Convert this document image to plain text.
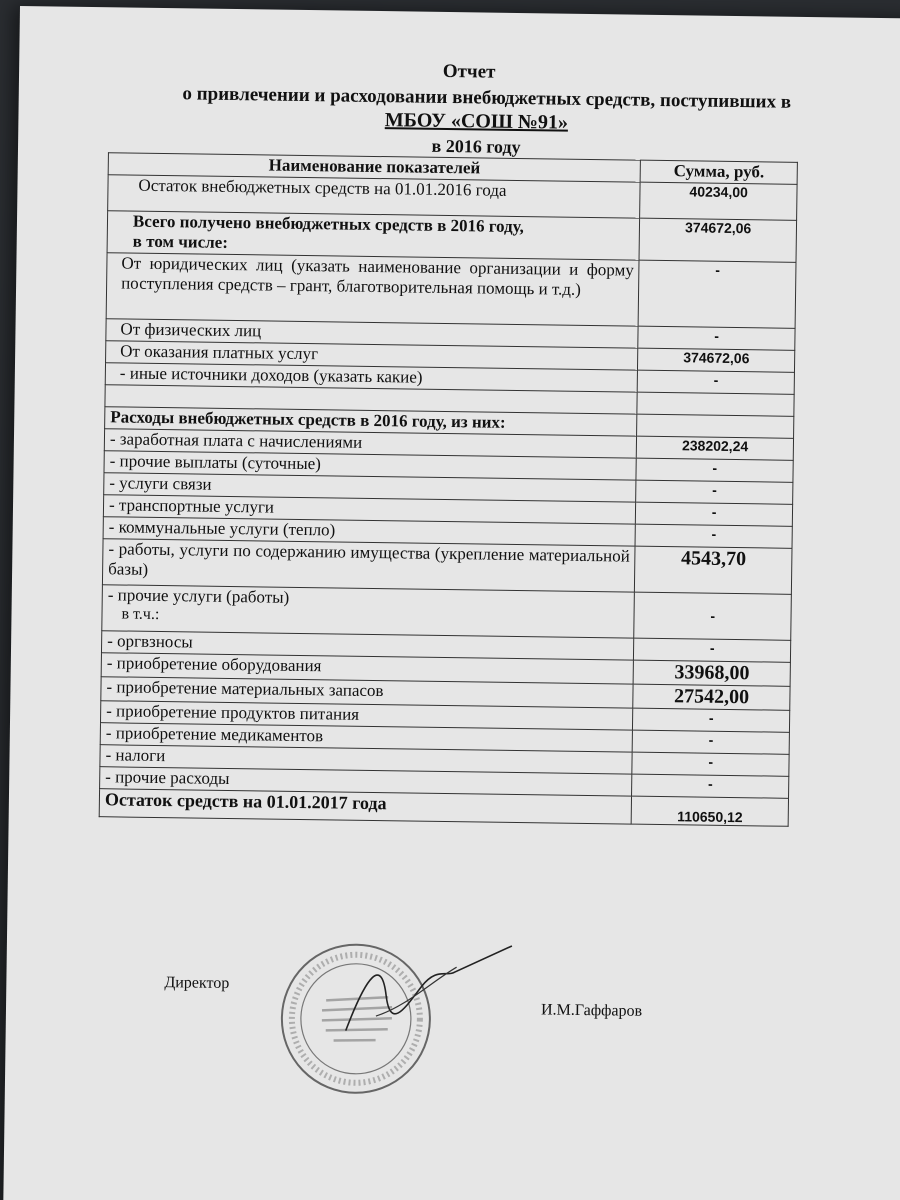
Отчет
о привлечении и расходовании внебюджетных средств, поступивших в
МБОУ «СОШ №91»
в 2016 году
Наименование показателей	Сумма, руб.
Остаток внебюджетных средств на 01.01.2016 года	40234,00

Всего получено внебюджетных средств в 2016 году,
в том числе:	374672,06
От юридических лиц (указать наименование организации и форму поступления средств – грант, благотворительная помощь и т.д.)	-
От физических лиц	-
От оказания платных услуг	374672,06
- иные источники доходов (указать какие)	-

Расходы внебюджетных средств в 2016 году, из них:	
- заработная плата с начислениями	238202,24
- прочие выплаты (суточные)	-
- услуги связи	-
- транспортные услуги	-
- коммунальные услуги (тепло)	-
- работы, услуги по содержанию имущества (укрепление материальной базы)	4543,70

- прочие услуги (работы)
в т.ч.:	-
- оргвзносы	-
- приобретение оборудования	33968,00
- приобретение материальных запасов	27542,00
- приобретение продуктов питания	-
- приобретение медикаментов	-
- налоги	-
- прочие расходы	-
Остаток средств на 01.01.2017 года	110650,12
Директор
И.М.Гаффаров
